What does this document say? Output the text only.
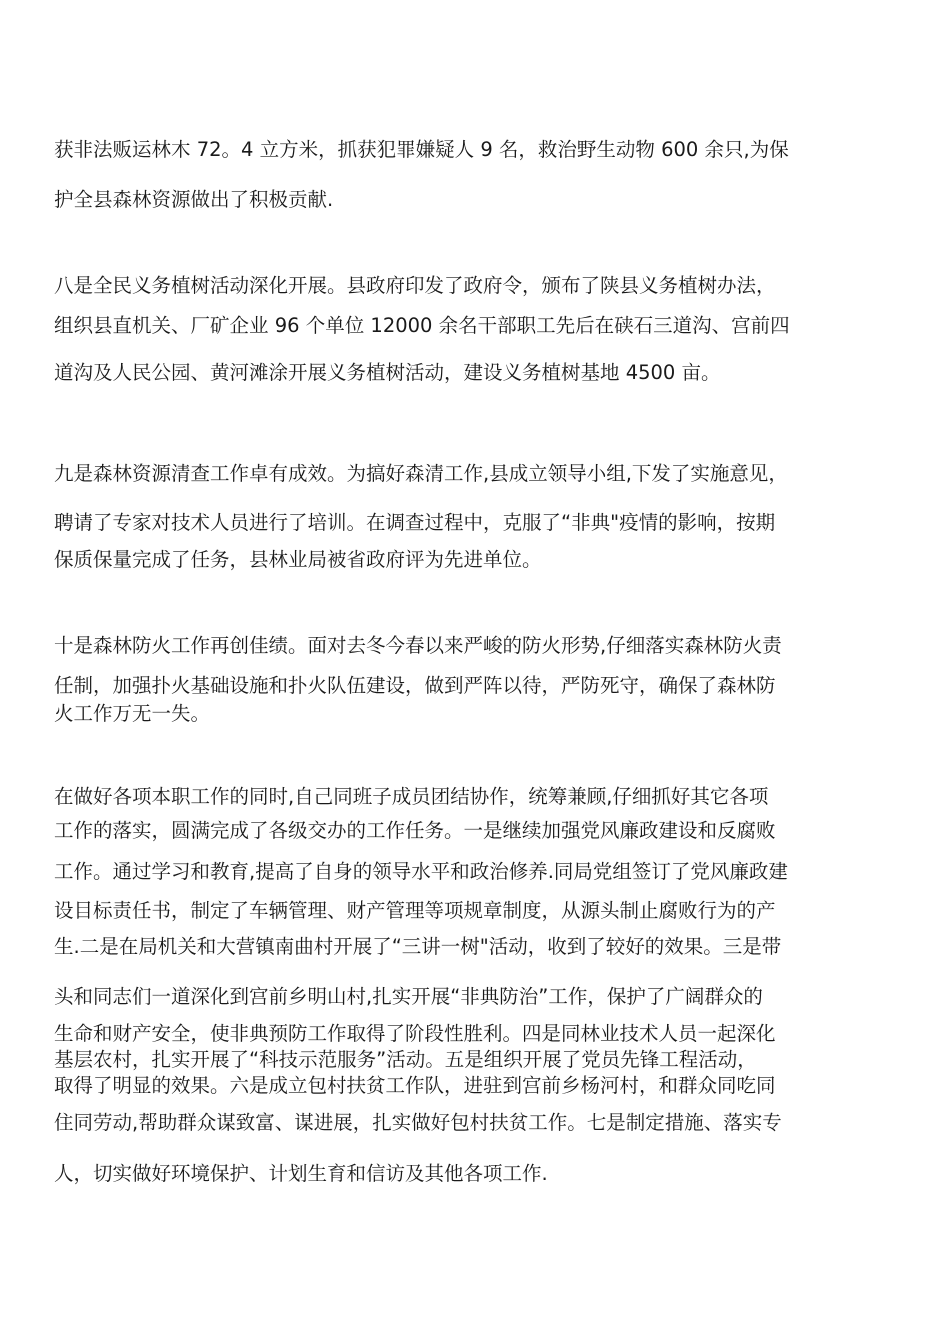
获非法贩运林木 72。4 立方米，抓获犯罪嫌疑人 9 名，救治野生动物 600 余只,为保
护全县森林资源做出了积极贡献.
八是全民义务植树活动深化开展。县政府印发了政府令，颁布了陕县义务植树办法，
组织县直机关、厂矿企业 96 个单位 12000 余名干部职工先后在硖石三道沟、宫前四
道沟及人民公园、黄河滩涂开展义务植树活动，建设义务植树基地 4500 亩。
九是森林资源清查工作卓有成效。为搞好森清工作,县成立领导小组,下发了实施意见，
聘请了专家对技术人员进行了培训。在调查过程中，克服了“非典"疫情的影响，按期
保质保量完成了任务，县林业局被省政府评为先进单位。
十是森林防火工作再创佳绩。面对去冬今春以来严峻的防火形势,仔细落实森林防火责
任制，加强扑火基础设施和扑火队伍建设，做到严阵以待，严防死守，确保了森林防
火工作万无一失。
在做好各项本职工作的同时,自己同班子成员团结协作，统筹兼顾,仔细抓好其它各项
工作的落实，圆满完成了各级交办的工作任务。一是继续加强党风廉政建设和反腐败
工作。通过学习和教育,提高了自身的领导水平和政治修养.同局党组签订了党风廉政建
设目标责任书，制定了车辆管理、财产管理等项规章制度，从源头制止腐败行为的产
生.二是在局机关和大营镇南曲村开展了“三讲一树"活动，收到了较好的效果。三是带
头和同志们一道深化到宫前乡明山村,扎实开展“非典防治”工作，保护了广阔群众的
生命和财产安全，使非典预防工作取得了阶段性胜利。四是同林业技术人员一起深化
基层农村，扎实开展了“科技示范服务”活动。五是组织开展了党员先锋工程活动，
取得了明显的效果。六是成立包村扶贫工作队，进驻到宫前乡杨河村，和群众同吃同
住同劳动,帮助群众谋致富、谋进展，扎实做好包村扶贫工作。七是制定措施、落实专
人，切实做好环境保护、计划生育和信访及其他各项工作.
